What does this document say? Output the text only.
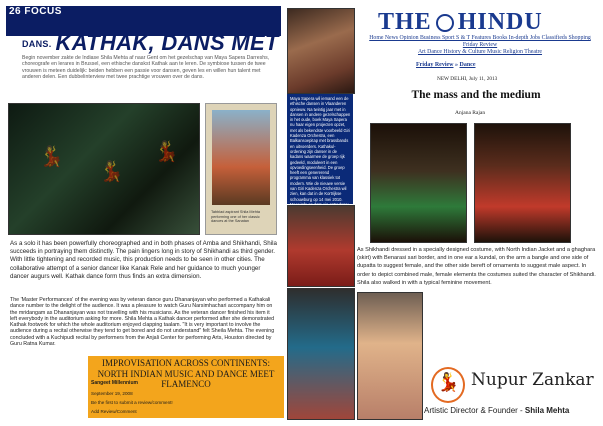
26 FOCUS
DANS. KATHAK, DANS MET
Begin november zakte de Indiase Shila Mehta af naar Gent om het gezelschap van Maya Sapera Darreshs, choreografe en lerares in Brussel, een ethische danskst Kathak aan te leren. De symbiose tussen de twee vrouwen is meteen duidelijk: beiden hebben een passie voor dansen, geven les en willen hun talent met anderen delen. Een dubbelinterview met twee prachtige vrouwen over de dans.
💃
💃
💃
Tabblad aspirant Shila Mehta performing one of her classic dances at the Sanatan
Maya Sapera wil iemand een de ethische dansen in Vlaanderen opnieuw. Na twintig jaar met in dansen in andere gezelschappen in het oude, boek Maya Sapera nu haar eigen projecten opzet, met als bekendste voorbeeld Giri Kadenza Orchestra, een Balkansoepitap met brassbands en uitvoerders. Kathakul-ordening zijn danser in de kadans waarmee de groep rijk gedeeld, moduleert in een opvoedingseenheid. De groep heeft een genererend programma van klassiek tot modern. Wie de nieuwe versie van Giri Kadenza Orchestra wil zien, kan dat in de Kortrijkse schouwburg op 14 mei 2010.
As a solo it has been powerfully choreographed and in both phases of Amba and Shikhandi, Shila succeeds in portraying them distinctly. The pain lingers long in story of Shikhandi as third gender. With little tightening and recorded music, this production needs to be seen in other cities. The collaborative attempt of a senior dancer like Kanak Rele and her guidance to much younger dancer augurs well. Kathak dance form thus finds an extra dimension.
The 'Master Performances' of the evening was by veteran dance guru Dhananjayan who performed a Kathakali dance number to the delight of the audience. It was a pleasure to watch Guru Narsimhachari accompany him on the mridangam as Dhananjayan was not travelling with his musicians. As the veteran dancer finished his item it left everybody in the auditorium asking for more. Shila Mehta a Kathak dancer performed after she demonstrated Kathak footwork for which the whole auditorium enjoyed clapping taalam. "It is very important to involve the audience during a recital otherwise they tend to get bored and do not understand" felt Sheila Mehta. The evening concluded with a Kuchipudi recital by performers from the Anjali Center for performing Arts, Houston directed by Guru Ratna Kumar.
IMPROVISATION ACROSS CONTINENTS:
NORTH INDIAN MUSIC AND DANCE MEET FLAMENCO
Sangeet Millennium
September 19, 2008
Be the first to submit a review/comment!
Add Review/Comment
THE HINDU
Home News Opinion Business Sport S & T Features Books In-depth Jobs Classifieds Shopping
Friday Review
Art Dance History & Culture Music Religion Theatre
Friday Review » Dance
NEW DELHI, July 11, 2013
The mass and the medium
Anjana Rajan
As Shikhandi dressed in a specially designed costume, with North Indian Jacket and a ghaghara (skirt) with Benarasi sari border, and in one ear a kundal, on the arm a bangle and one side of dupatta to suggest female, and the other side bereft of ornaments to suggest male aspect. In order to depict combined male, female elements the costumes suited the character of Shikhandi. Shila also walked in with a typical feminine movement.
💃 Nupur Zankar
Artistic Director & Founder - Shila Mehta
